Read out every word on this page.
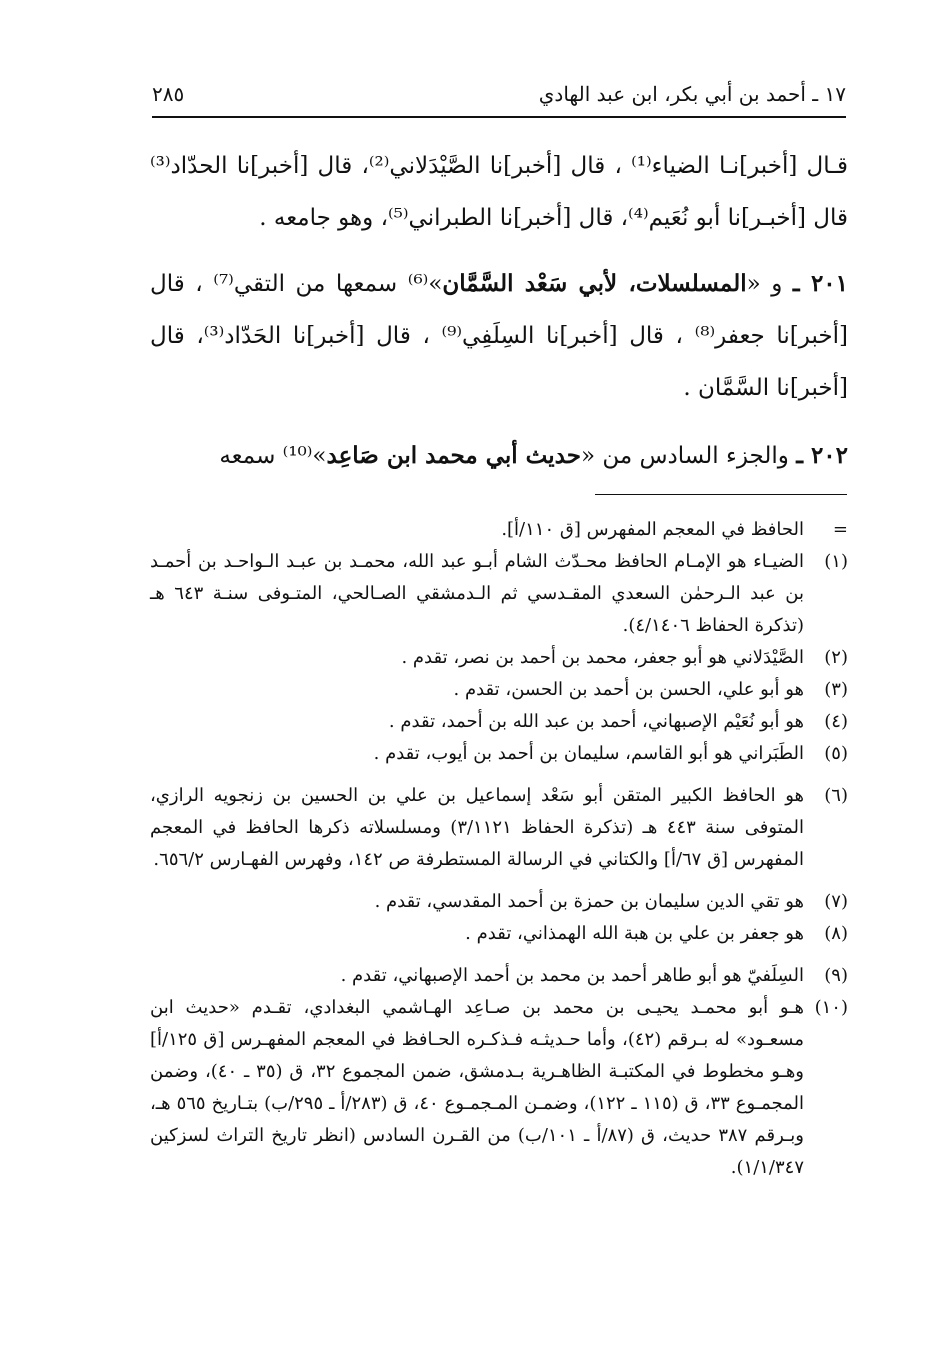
١٧ ـ أحمد بن أبي بكر، ابن عبد الهادي
٢٨٥
قـال [أخبر]نـا الضياء⁽¹⁾ ، قال [أخبر]نا الصَّيْدَلاني⁽²⁾، قال [أخبر]نا الحدّاد⁽³⁾ قال [أخبـر]نا أبو نُعَيم⁽⁴⁾، قال [أخبر]نا الطبراني⁽⁵⁾، وهو جامعه .
٢٠١ ـ و «المسلسلات، لأبي سَعْد السَّمَّان»⁽⁶⁾ سمعها من التقي⁽⁷⁾ ، قال [أخبر]نا جعفر⁽⁸⁾ ، قال [أخبر]نا السِلَفِي⁽⁹⁾ ، قال [أخبر]نا الحَدّاد⁽³⁾، قال [أخبر]نا السَّمَّان .
٢٠٢ ـ والجزء السادس من «حديث أبي محمد ابن صَاعِد»⁽¹⁰⁾ سمعه
=
الحافظ في المعجم المفهرس [ق ١١٠/أ].
(١)
الضيـاء هو الإمـام الحافظ محـدّث الشام أبـو عبد الله، محمـد بن عبـد الـواحـد بن أحمـد بن عبد الـرحمٰن السعدي المقـدسي ثم الـدمشقي الصـالحي، المتـوفى سنـة ٦٤٣ هـ (تذكرة الحفاظ ٤/١٤٠٦).
(٢)
الصَّيْدَلاني هو أبو جعفر، محمد بن أحمد بن نصر، تقدم .
(٣)
هو أبو علي، الحسن بن أحمد بن الحسن، تقدم .
(٤)
هو أبو نُعَيْم الإصبهاني، أحمد بن عبد الله بن أحمد، تقدم .
(٥)
الطَبَراني هو أبو القاسم، سليمان بن أحمد بن أيوب، تقدم .
(٦)
هو الحافظ الكبير المتقن أبو سَعْد إسماعيل بن علي بن الحسين بن زنجويه الرازي، المتوفى سنة ٤٤٣ هـ (تذكرة الحفاظ ٣/١١٢١) ومسلسلاته ذكرها الحافظ في المعجم المفهرس [ق ٦٧/أ] والكتاني في الرسالة المستطرفة ص ١٤٢، وفهرس الفهـارس ٦٥٦/٢.
(٧)
هو تقي الدين سليمان بن حمزة بن أحمد المقدسي، تقدم .
(٨)
هو جعفر بن علي بن هبة الله الهمذاني، تقدم .
(٩)
السِلَفيّ هو أبو طاهر أحمد بن محمد بن أحمد الإصبهاني، تقدم .
(١٠)
هـو أبو محمـد يحيـى بن محمد بن صـاعِد الهـاشمي البغدادي، تقـدم «حديث ابن مسعـود» له بـرقم (٤٢)، وأما حـديثـه فـذكـره الحـافظ في المعجم المفهـرس [ق ١٢٥/أ] وهـو مخطوط في المكتبـة الظاهـرية بـدمشق، ضمن المجموع ٣٢، ق (٣٥ ـ ٤٠)، وضمن المجمـوع ٣٣، ق (١١٥ ـ ١٢٢)، وضمـن المـجمـوع ٤٠، ق (٢٨٣/أ ـ ٢٩٥/ب) بتـاريخ ٥٦٥ هـ، وبـرقم ٣٨٧ حديث، ق (٨٧/أ ـ ١٠١/ب) من القـرن السادس (انظر تاريخ التراث لسزكين ١/١/٣٤٧).
